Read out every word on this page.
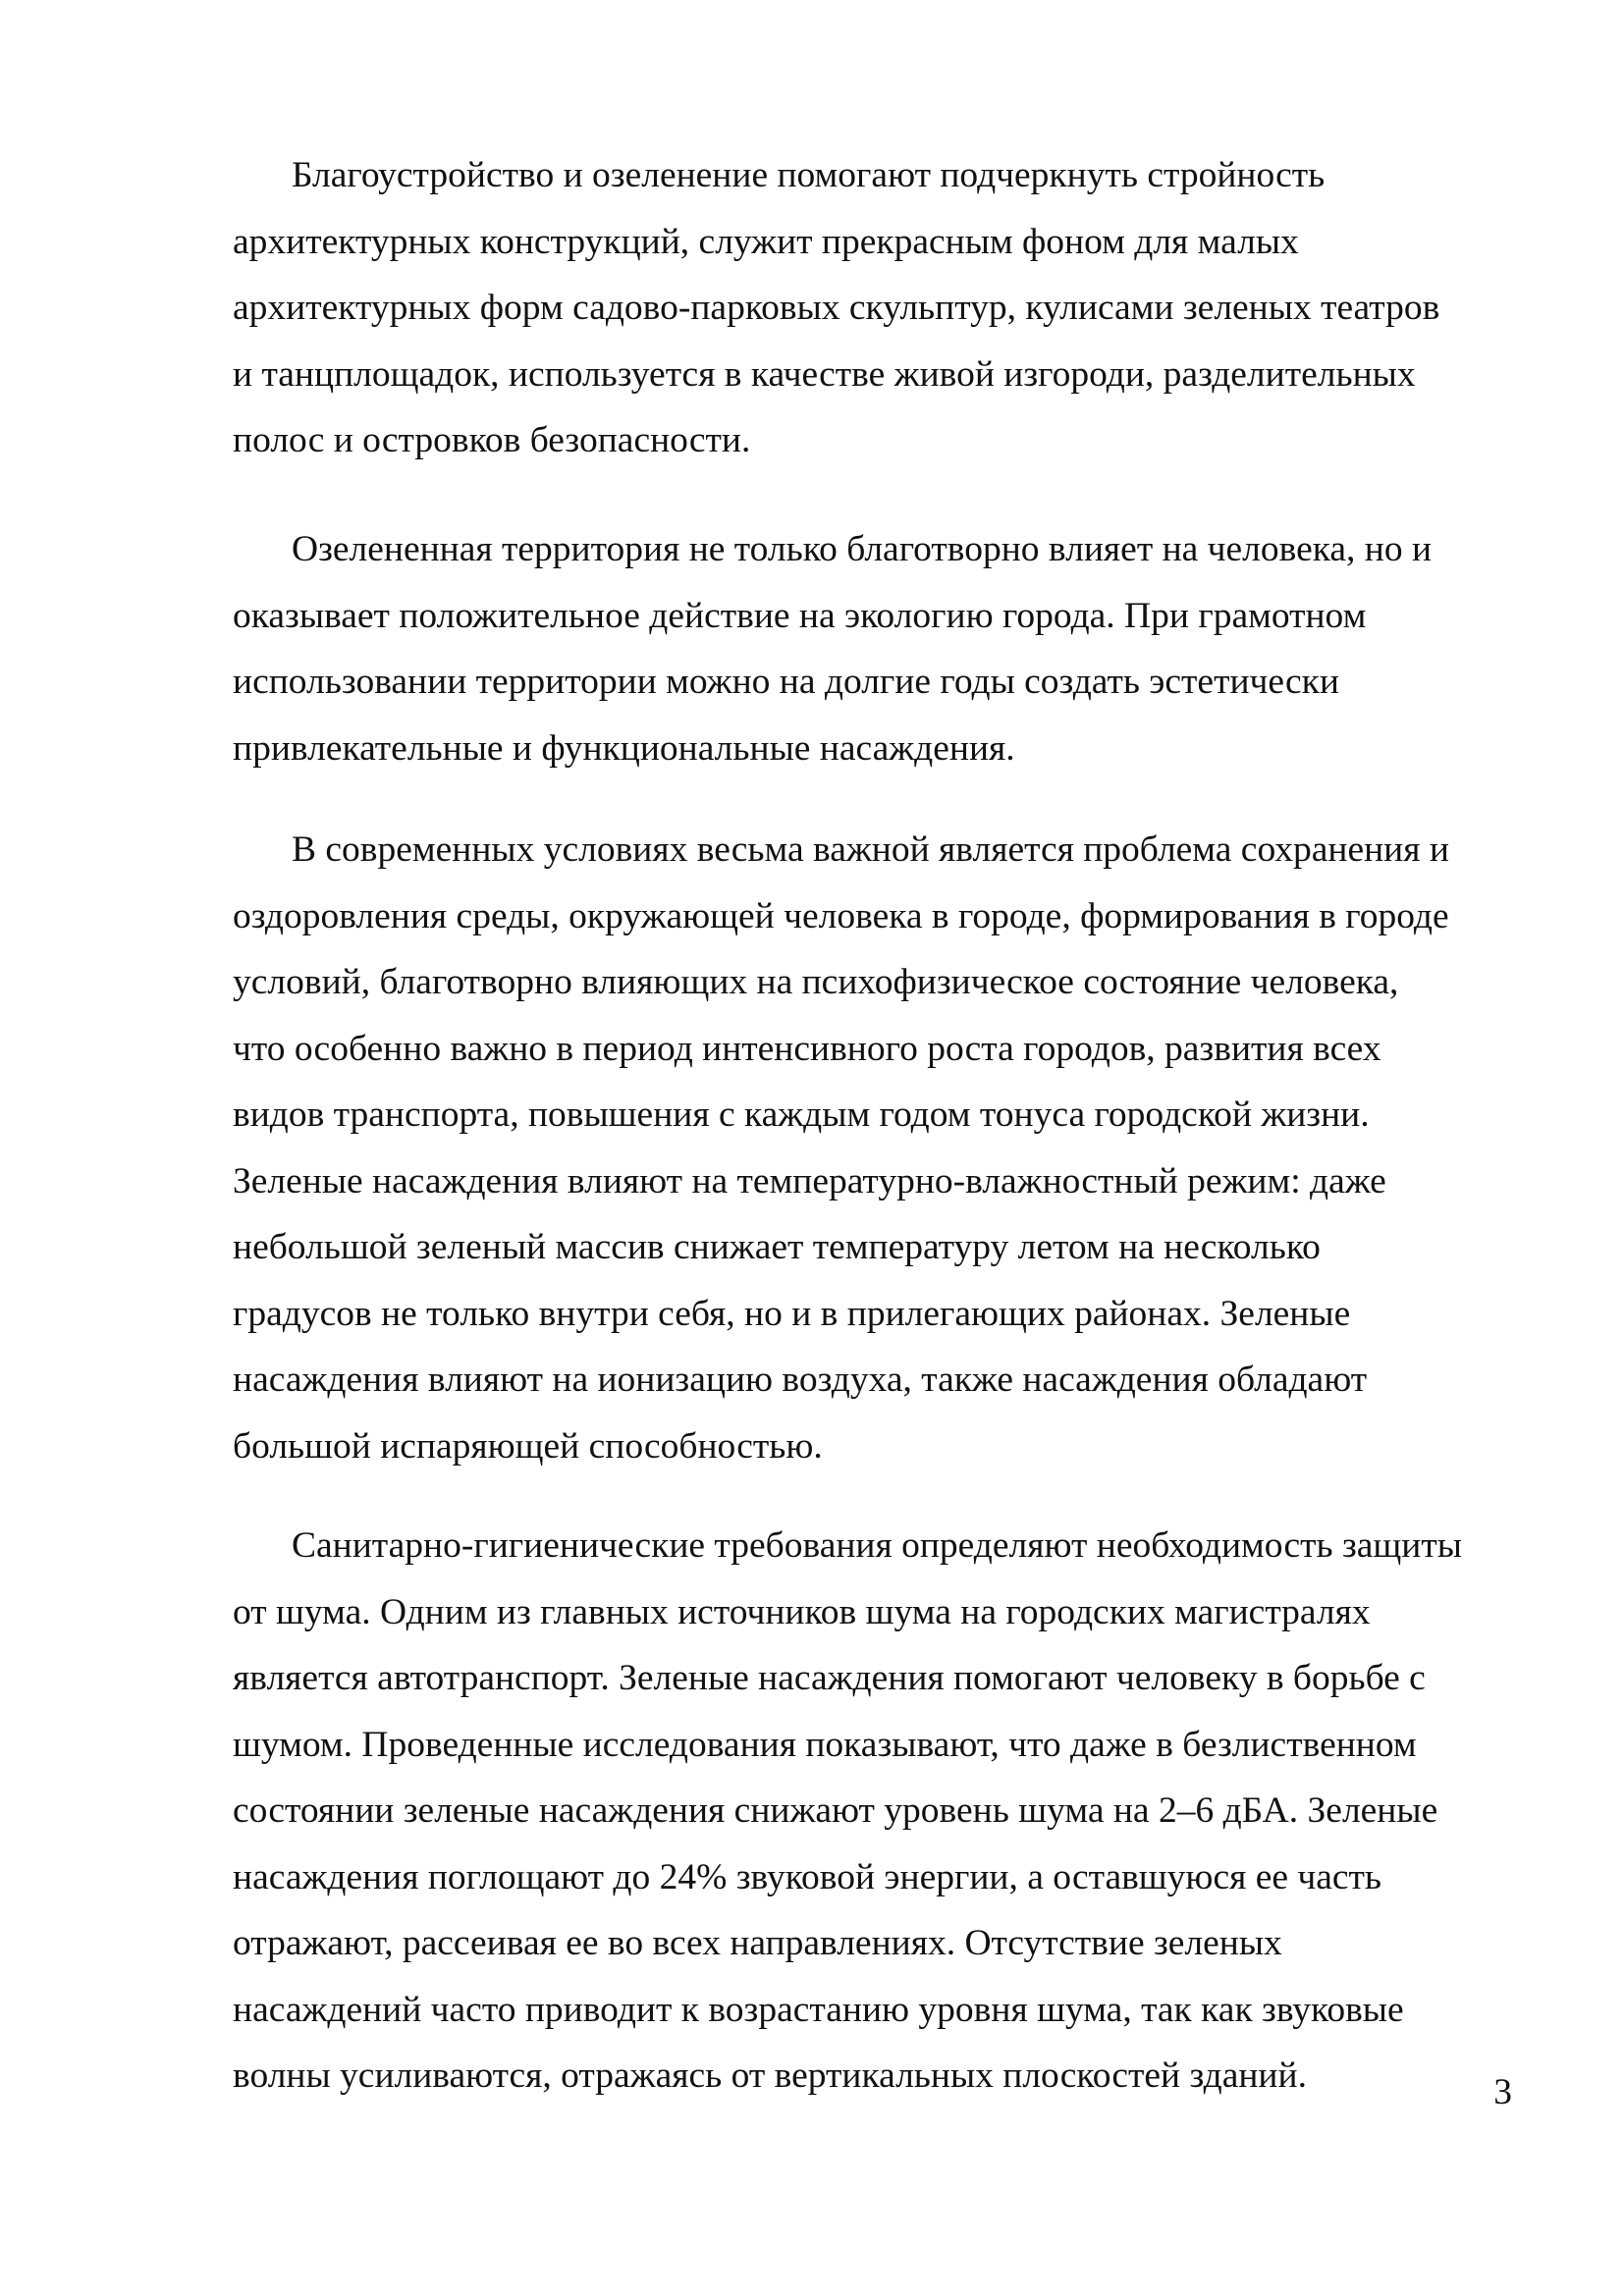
Благоустройство и озеленение помогают подчеркнуть стройность
архитектурных конструкций, служит прекрасным фоном для малых
архитектурных форм садово-парковых скульптур, кулисами зеленых театров
и танцплощадок, используется в качестве живой изгороди, разделительных
полос и островков безопасности.

Озелененная территория не только благотворно влияет на человека, но и
оказывает положительное действие на экологию города. При грамотном
использовании территории можно на долгие годы создать эстетически
привлекательные и функциональные насаждения.

В современных условиях весьма важной является проблема сохранения и
оздоровления среды, окружающей человека в городе, формирования в городе
условий, благотворно влияющих на психофизическое состояние человека,
что особенно важно в период интенсивного роста городов, развития всех
видов транспорта, повышения с каждым годом тонуса городской жизни.
Зеленые насаждения влияют на температурно-влажностный режим: даже
небольшой зеленый массив снижает температуру летом на несколько
градусов не только внутри себя, но и в прилегающих районах. Зеленые
насаждения влияют на ионизацию воздуха, также насаждения обладают
большой испаряющей способностью.

Санитарно-гигиенические требования определяют необходимость защиты
от шума. Одним из главных источников шума на городских магистралях
является автотранспорт. Зеленые насаждения помогают человеку в борьбе с
шумом. Проведенные исследования показывают, что даже в безлиственном
состоянии зеленые насаждения снижают уровень шума на 2–6 дБА. Зеленые
насаждения поглощают до 24% звуковой энергии, а оставшуюся ее часть
отражают, рассеивая ее во всех направлениях. Отсутствие зеленых
насаждений часто приводит к возрастанию уровня шума, так как звуковые
волны усиливаются, отражаясь от вертикальных плоскостей зданий.	3
